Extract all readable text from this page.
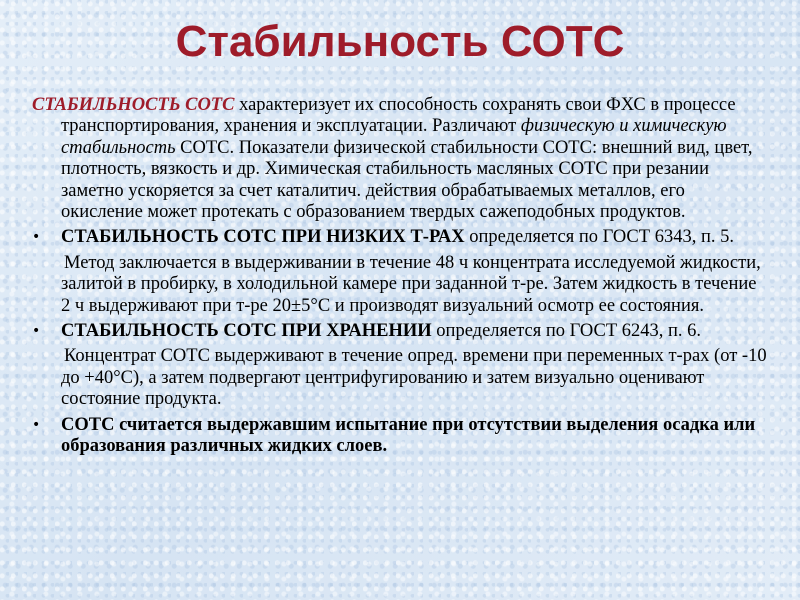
Стабильность СОТС

СТАБИЛЬНОСТЬ СОТС характеризует их способность сохранять свои ФХС в процессе транспортирования, хранения и эксплуатации. Различают физическую и химическую стабильность СОТС. Показатели физической стабильности СОТС: внешний вид, цвет, плотность, вязкость и др. Химическая стабильность масляных СОТС при резании заметно ускоряется за счет каталитич. действия обрабатываемых металлов, его окисление может протекать с образованием твердых сажеподобных продуктов.

•	СТАБИЛЬНОСТЬ СОТС ПРИ НИЗКИХ Т-РАХ определяется по ГОСТ 6343, п. 5.

Метод заключается в выдерживании в течение 48 ч концентрата исследуемой жидкости, залитой в пробирку, в холодильной камере при заданной т-ре. Затем жидкость в течение 2 ч выдерживают при т-ре 20±5°С и производят визуальний осмотр ее состояния.

•	СТАБИЛЬНОСТЬ СОТС ПРИ ХРАНЕНИИ определяется по ГОСТ 6243, п. 6.

Концентрат СОТС выдерживают в течение опред. времени при переменных т-рах (от -10 до +40°С), а затем подвергают центрифугированию и затем визуально оценивают состояние продукта.

•	СОТС считается выдержавшим испытание при отсутствии выделения осадка или образования различных жидких слоев.
